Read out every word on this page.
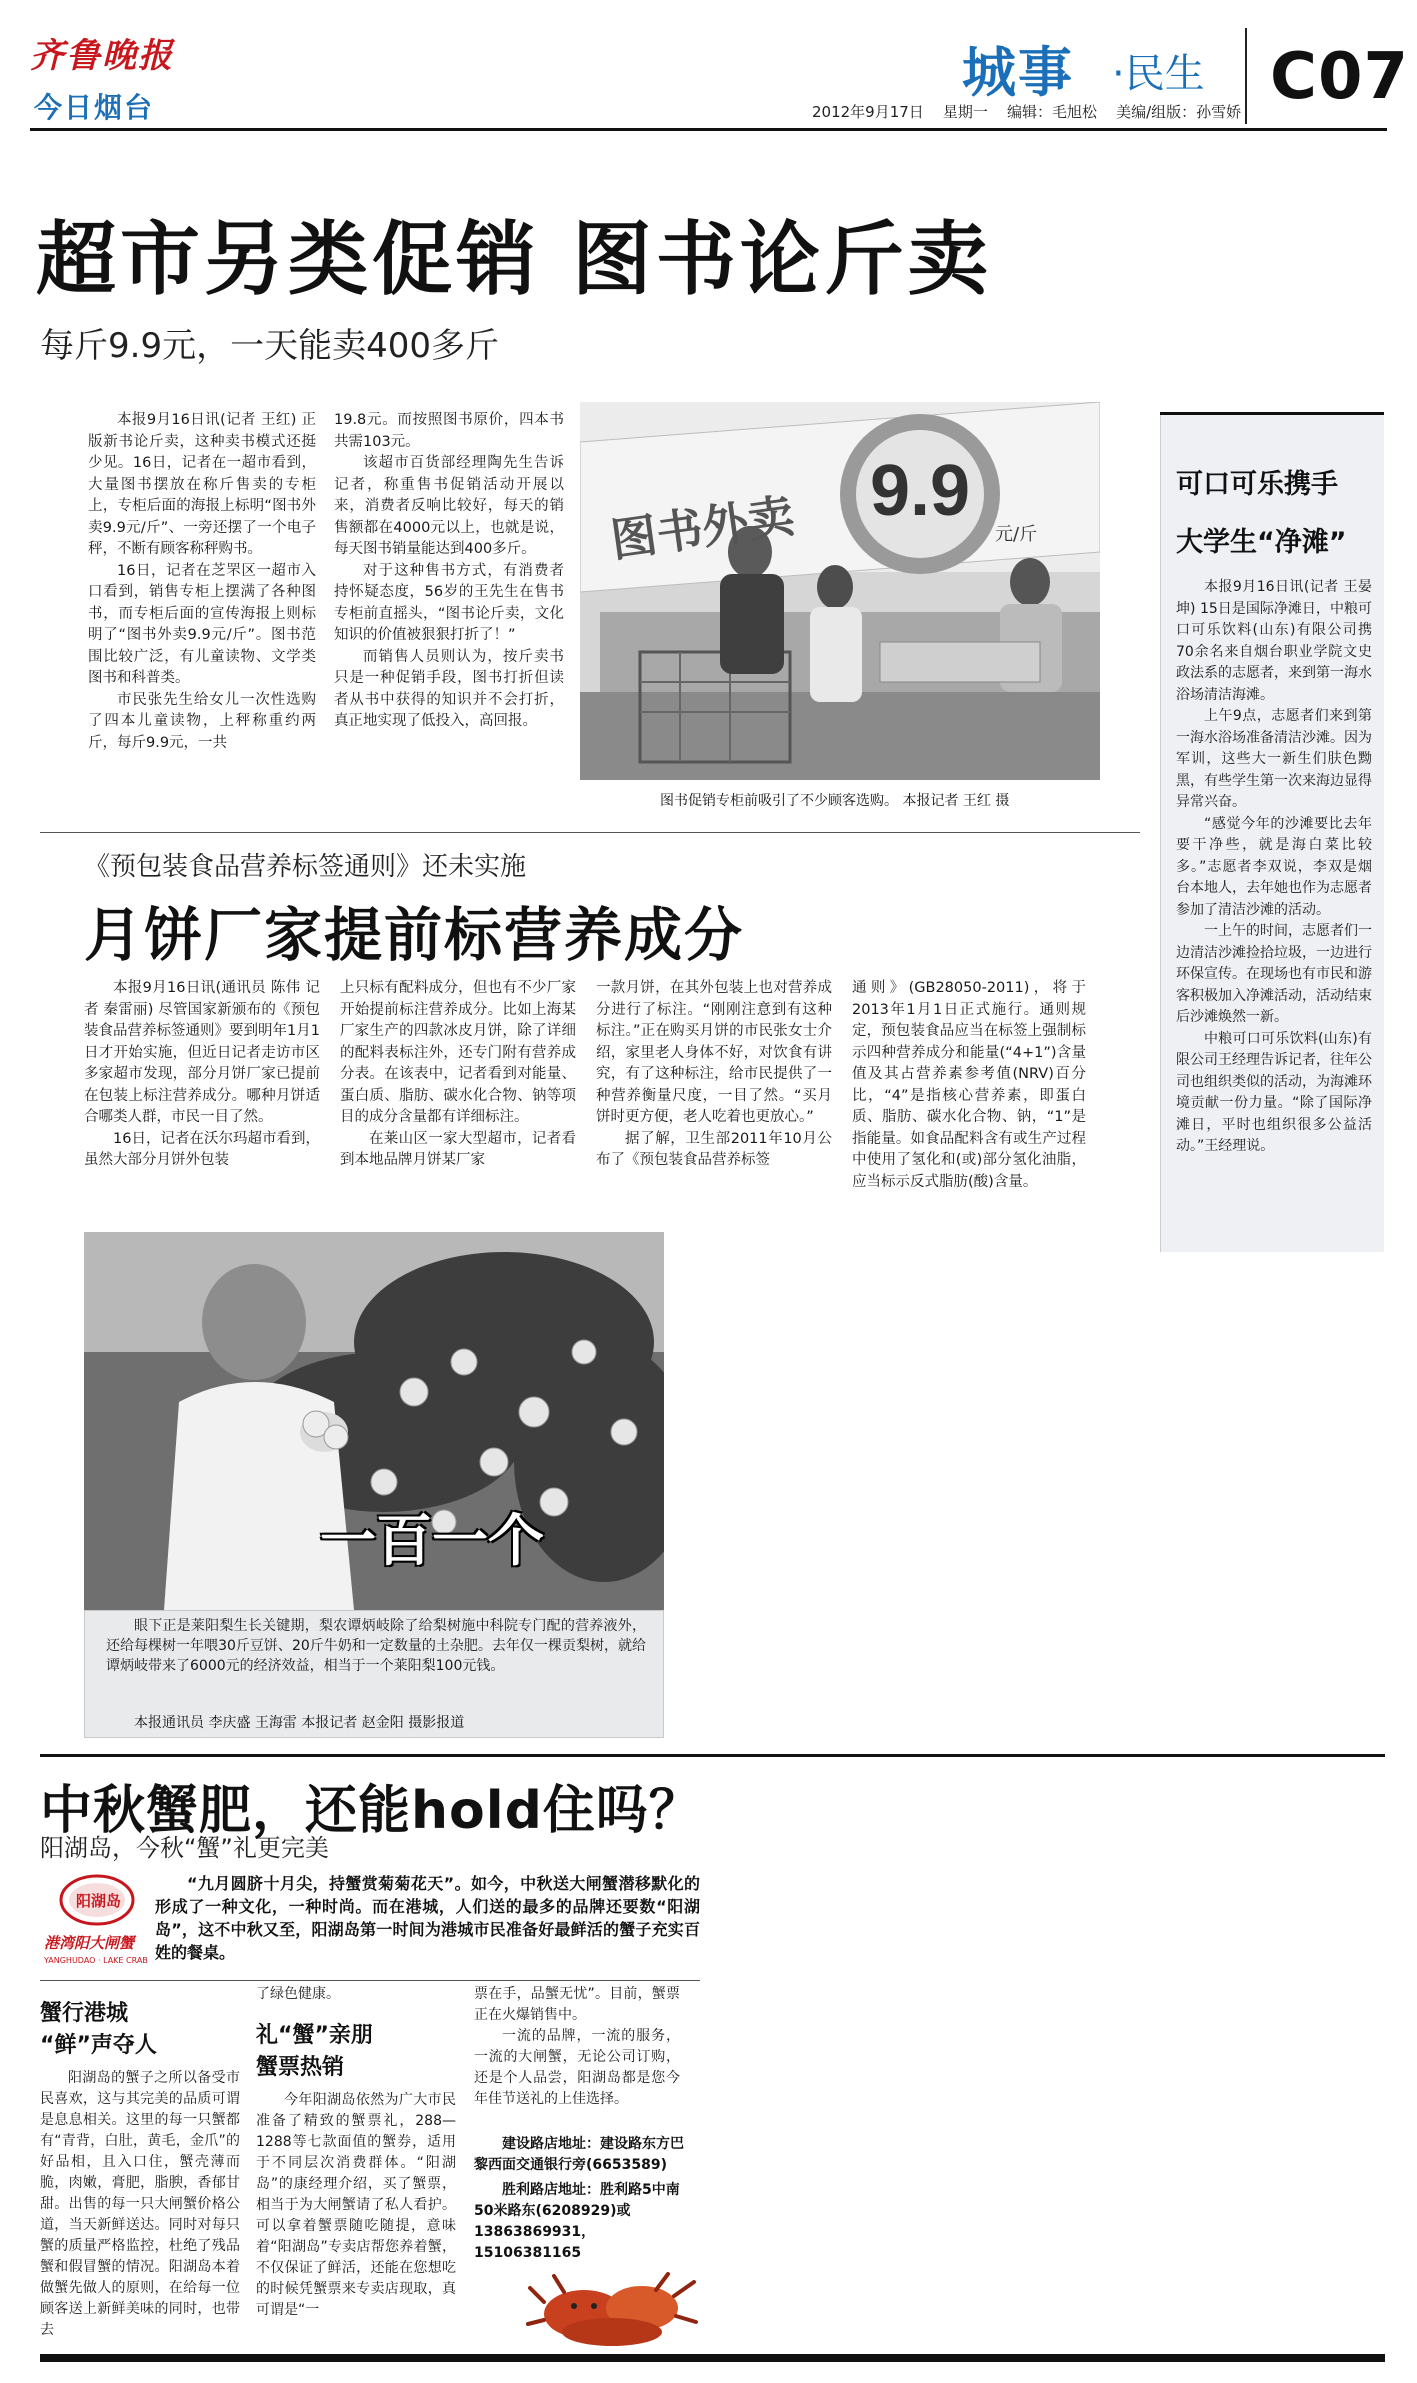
齐鲁晚报
今日烟台
城事 ·民生 C07
2012年9月17日 星期一 编辑：毛旭松 美编/组版：孙雪娇
超市另类促销 图书论斤卖
每斤9.9元，一天能卖400多斤

本报9月16日讯(记者 王红) 正版新书论斤卖，这种卖书模式还挺少见。16日，记者在一超市看到，大量图书摆放在称斤售卖的专柜上，专柜后面的海报上标明“图书外卖9.9元/斤”、一旁还摆了一个电子秤，不断有顾客称秤购书。

16日，记者在芝罘区一超市入口看到，销售专柜上摆满了各种图书，而专柜后面的宣传海报上则标明了“图书外卖9.9元/斤”。图书范围比较广泛，有儿童读物、文学类图书和科普类。

市民张先生给女儿一次性选购了四本儿童读物，上秤称重约两斤，每斤9.9元，一共

19.8元。而按照图书原价，四本书共需103元。

该超市百货部经理陶先生告诉记者，称重售书促销活动开展以来，消费者反响比较好，每天的销售额都在4000元以上，也就是说，每天图书销量能达到400多斤。

对于这种售书方式，有消费者持怀疑态度，56岁的王先生在售书专柜前直摇头，“图书论斤卖，文化知识的价值被狠狠打折了！”

而销售人员则认为，按斤卖书只是一种促销手段，图书打折但读者从书中获得的知识并不会打折，真正地实现了低投入，高回报。

9.9
元/斤
图书外卖
图书促销专柜前吸引了不少顾客选购。 本报记者 王红 摄
可口可乐携手
大学生“净滩”

本报9月16日讯(记者 王晏坤) 15日是国际净滩日，中粮可口可乐饮料(山东)有限公司携70余名来自烟台职业学院文史政法系的志愿者，来到第一海水浴场清洁海滩。

上午9点，志愿者们来到第一海水浴场准备清洁沙滩。因为军训，这些大一新生们肤色黝黑，有些学生第一次来海边显得异常兴奋。

“感觉今年的沙滩要比去年要干净些，就是海白菜比较多。”志愿者李双说，李双是烟台本地人，去年她也作为志愿者参加了清洁沙滩的活动。

一上午的时间，志愿者们一边清洁沙滩捡拾垃圾，一边进行环保宣传。在现场也有市民和游客积极加入净滩活动，活动结束后沙滩焕然一新。

中粮可口可乐饮料(山东)有限公司王经理告诉记者，往年公司也组织类似的活动，为海滩环境贡献一份力量。“除了国际净滩日，平时也组织很多公益活动。”王经理说。

《预包装食品营养标签通则》还未实施
月饼厂家提前标营养成分

本报9月16日讯(通讯员 陈伟 记者 秦雷丽) 尽管国家新颁布的《预包装食品营养标签通则》要到明年1月1日才开始实施，但近日记者走访市区多家超市发现，部分月饼厂家已提前在包装上标注营养成分。哪种月饼适合哪类人群，市民一目了然。

16日，记者在沃尔玛超市看到，虽然大部分月饼外包装

上只标有配料成分，但也有不少厂家开始提前标注营养成分。比如上海某厂家生产的四款冰皮月饼，除了详细的配料表标注外，还专门附有营养成分表。在该表中，记者看到对能量、蛋白质、脂肪、碳水化合物、钠等项目的成分含量都有详细标注。

在莱山区一家大型超市，记者看到本地品牌月饼某厂家

一款月饼，在其外包装上也对营养成分进行了标注。“刚刚注意到有这种标注。”正在购买月饼的市民张女士介绍，家里老人身体不好，对饮食有讲究，有了这种标注，给市民提供了一种营养衡量尺度，一目了然。“买月饼时更方便，老人吃着也更放心。”

据了解，卫生部2011年10月公布了《预包装食品营养标签

通则》(GB28050-2011)，将于2013年1月1日正式施行。通则规定，预包装食品应当在标签上强制标示四种营养成分和能量(“4+1”)含量值及其占营养素参考值(NRV)百分比，“4”是指核心营养素，即蛋白质、脂肪、碳水化合物、钠，“1”是指能量。如食品配料含有或生产过程中使用了氢化和(或)部分氢化油脂，应当标示反式脂肪(酸)含量。

一百一个

眼下正是莱阳梨生长关键期，梨农谭炳岐除了给梨树施中科院专门配的营养液外，还给每棵树一年喂30斤豆饼、20斤牛奶和一定数量的土杂肥。去年仅一棵贡梨树，就给谭炳岐带来了6000元的经济效益，相当于一个莱阳梨100元钱。

本报通讯员 李庆盛 王海雷 本报记者 赵金阳 摄影报道
中秋蟹肥，还能hold住吗？
阳湖岛，今秋“蟹”礼更完美
阳湖岛
港湾阳大闸蟹
YANGHUDAO · LAKE CRAB

“九月圆脐十月尖，持蟹赏菊菊花天”。如今，中秋送大闸蟹潜移默化的形成了一种文化，一种时尚。而在港城，人们送的最多的品牌还要数“阳湖岛”，这不中秋又至，阳湖岛第一时间为港城市民准备好最鲜活的蟹子充实百姓的餐桌。

蟹行港城
“鲜”声夺人

阳湖岛的蟹子之所以备受市民喜欢，这与其完美的品质可谓是息息相关。这里的每一只蟹都有“青背，白肚，黄毛，金爪”的好品相，且入口住，蟹壳薄而脆，肉嫩，膏肥，脂腴，香郁甘甜。出售的每一只大闸蟹价格公道，当天新鲜送达。同时对每只蟹的质量严格监控，杜绝了残品蟹和假冒蟹的情况。阳湖岛本着做蟹先做人的原则，在给每一位顾客送上新鲜美味的同时，也带去

了绿色健康。

礼“蟹”亲朋
蟹票热销

今年阳湖岛依然为广大市民准备了精致的蟹票礼，288—1288等七款面值的蟹券，适用于不同层次消费群体。“阳湖岛”的康经理介绍，买了蟹票，相当于为大闸蟹请了私人看护。可以拿着蟹票随吃随提，意味着“阳湖岛”专卖店帮您养着蟹，不仅保证了鲜活，还能在您想吃的时候凭蟹票来专卖店现取，真可谓是“一

票在手，品蟹无忧”。目前，蟹票正在火爆销售中。

一流的品牌，一流的服务，一流的大闸蟹，无论公司订购，还是个人品尝，阳湖岛都是您今年佳节送礼的上佳选择。

建设路店地址：建设路东方巴黎西面交通银行旁(6653589)

胜利路店地址：胜利路5中南50米路东(6208929)或13863869931，15106381165
